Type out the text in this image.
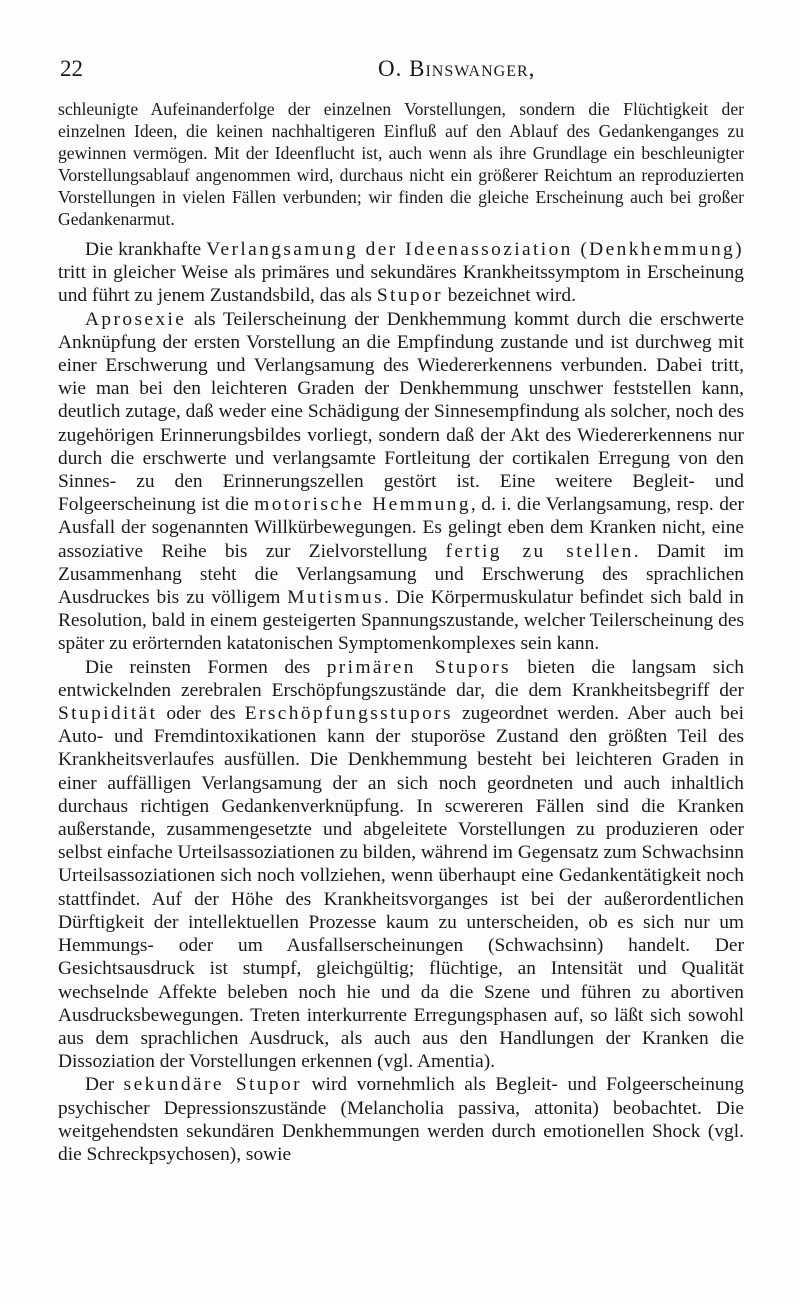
22	O. Binswanger,

schleunigte Aufeinanderfolge der einzelnen Vorstellungen, sondern die Flüchtigkeit der einzelnen Ideen, die keinen nachhaltigeren Einfluß auf den Ablauf des Gedankenganges zu gewinnen vermögen. Mit der Ideenflucht ist, auch wenn als ihre Grundlage ein beschleunigter Vorstellungsablauf angenommen wird, durchaus nicht ein größerer Reichtum an reproduzierten Vorstellungen in vielen Fällen verbunden; wir finden die gleiche Erscheinung auch bei großer Gedankenarmut.

Die krankhafte Verlangsamung der Ideenassoziation (Denkhemmung) tritt in gleicher Weise als primäres und sekundäres Krankheitssymptom in Erscheinung und führt zu jenem Zustandsbild, das als Stupor bezeichnet wird.

Aprosexie als Teilerscheinung der Denkhemmung kommt durch die erschwerte Anknüpfung der ersten Vorstellung an die Empfindung zustande und ist durchweg mit einer Erschwerung und Verlangsamung des Wiedererkennens verbunden. Dabei tritt, wie man bei den leichteren Graden der Denkhemmung unschwer feststellen kann, deutlich zutage, daß weder eine Schädigung der Sinnesempfindung als solcher, noch des zugehörigen Erinnerungsbildes vorliegt, sondern daß der Akt des Wiedererkennens nur durch die erschwerte und verlangsamte Fortleitung der cortikalen Erregung von den Sinnes- zu den Erinnerungszellen gestört ist. Eine weitere Begleit- und Folgeerscheinung ist die motorische Hemmung, d. i. die Verlangsamung, resp. der Ausfall der sogenannten Willkürbewegungen. Es gelingt eben dem Kranken nicht, eine assoziative Reihe bis zur Zielvorstellung fertig zu stellen. Damit im Zusammenhang steht die Verlangsamung und Erschwerung des sprachlichen Ausdruckes bis zu völligem Mutismus. Die Körpermuskulatur befindet sich bald in Resolution, bald in einem gesteigerten Spannungszustande, welcher Teilerscheinung des später zu erörternden katatonischen Symptomenkomplexes sein kann.

Die reinsten Formen des primären Stupors bieten die langsam sich entwickelnden zerebralen Erschöpfungszustände dar, die dem Krankheitsbegriff der Stupidität oder des Erschöpfungsstupors zugeordnet werden. Aber auch bei Auto- und Fremdintoxikationen kann der stuporöse Zustand den größten Teil des Krankheitsverlaufes ausfüllen. Die Denkhemmung besteht bei leichteren Graden in einer auffälligen Verlangsamung der an sich noch geordneten und auch inhaltlich durchaus richtigen Gedankenverknüpfung. In scwereren Fällen sind die Kranken außerstande, zusammengesetzte und abgeleitete Vorstellungen zu produzieren oder selbst einfache Urteilsassoziationen zu bilden, während im Gegensatz zum Schwachsinn Urteilsassoziationen sich noch vollziehen, wenn überhaupt eine Gedankentätigkeit noch stattfindet. Auf der Höhe des Krankheitsvorganges ist bei der außerordentlichen Dürftigkeit der intellektuellen Prozesse kaum zu unterscheiden, ob es sich nur um Hemmungs- oder um Ausfallserscheinungen (Schwachsinn) handelt. Der Gesichtsausdruck ist stumpf, gleichgültig; flüchtige, an Intensität und Qualität wechselnde Affekte beleben noch hie und da die Szene und führen zu abortiven Ausdrucksbewegungen. Treten interkurrente Erregungsphasen auf, so läßt sich sowohl aus dem sprachlichen Ausdruck, als auch aus den Handlungen der Kranken die Dissoziation der Vorstellungen erkennen (vgl. Amentia).

Der sekundäre Stupor wird vornehmlich als Begleit- und Folgeerscheinung psychischer Depressionszustände (Melancholia passiva, attonita) beobachtet. Die weitgehendsten sekundären Denkhemmungen werden durch emotionellen Shock (vgl. die Schreckpsychosen), sowie
